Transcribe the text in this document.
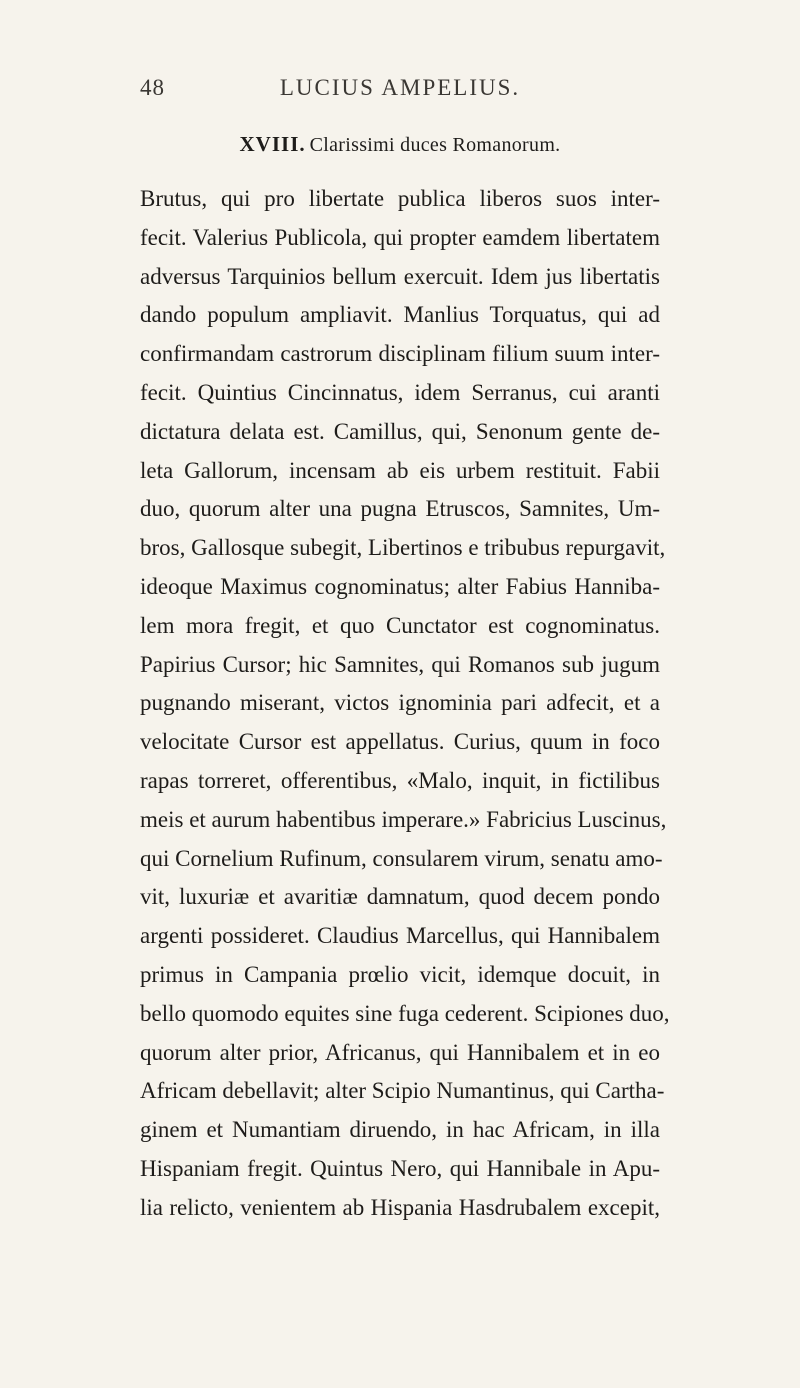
48	LUCIUS AMPELIUS.
XVIII. Clarissimi duces Romanorum.
Brutus, qui pro libertate publica liberos suos inter-
fecit. Valerius Publicola, qui propter eamdem libertatem
adversus Tarquinios bellum exercuit. Idem jus libertatis
dando populum ampliavit. Manlius Torquatus, qui ad
confirmandam castrorum disciplinam filium suum inter-
fecit. Quintius Cincinnatus, idem Serranus, cui aranti
dictatura delata est. Camillus, qui, Senonum gente de-
leta Gallorum, incensam ab eis urbem restituit. Fabii
duo, quorum alter una pugna Etruscos, Samnites, Um-
bros, Gallosque subegit, Libertinos e tribubus repurgavit,
ideoque Maximus cognominatus; alter Fabius Hanniba-
lem mora fregit, et quo Cunctator est cognominatus.
Papirius Cursor; hic Samnites, qui Romanos sub jugum
pugnando miserant, victos ignominia pari adfecit, et a
velocitate Cursor est appellatus. Curius, quum in foco
rapas torreret, offerentibus, «Malo, inquit, in fictilibus
meis et aurum habentibus imperare.» Fabricius Luscinus,
qui Cornelium Rufinum, consularem virum, senatu amo-
vit, luxuriæ et avaritiæ damnatum, quod decem pondo
argenti possideret. Claudius Marcellus, qui Hannibalem
primus in Campania prœlio vicit, idemque docuit, in
bello quomodo equites sine fuga cederent. Scipiones duo,
quorum alter prior, Africanus, qui Hannibalem et in eo
Africam debellavit; alter Scipio Numantinus, qui Cartha-
ginem et Numantiam diruendo, in hac Africam, in illa
Hispaniam fregit. Quintus Nero, qui Hannibale in Apu-
lia relicto, venientem ab Hispania Hasdrubalem excepit,
